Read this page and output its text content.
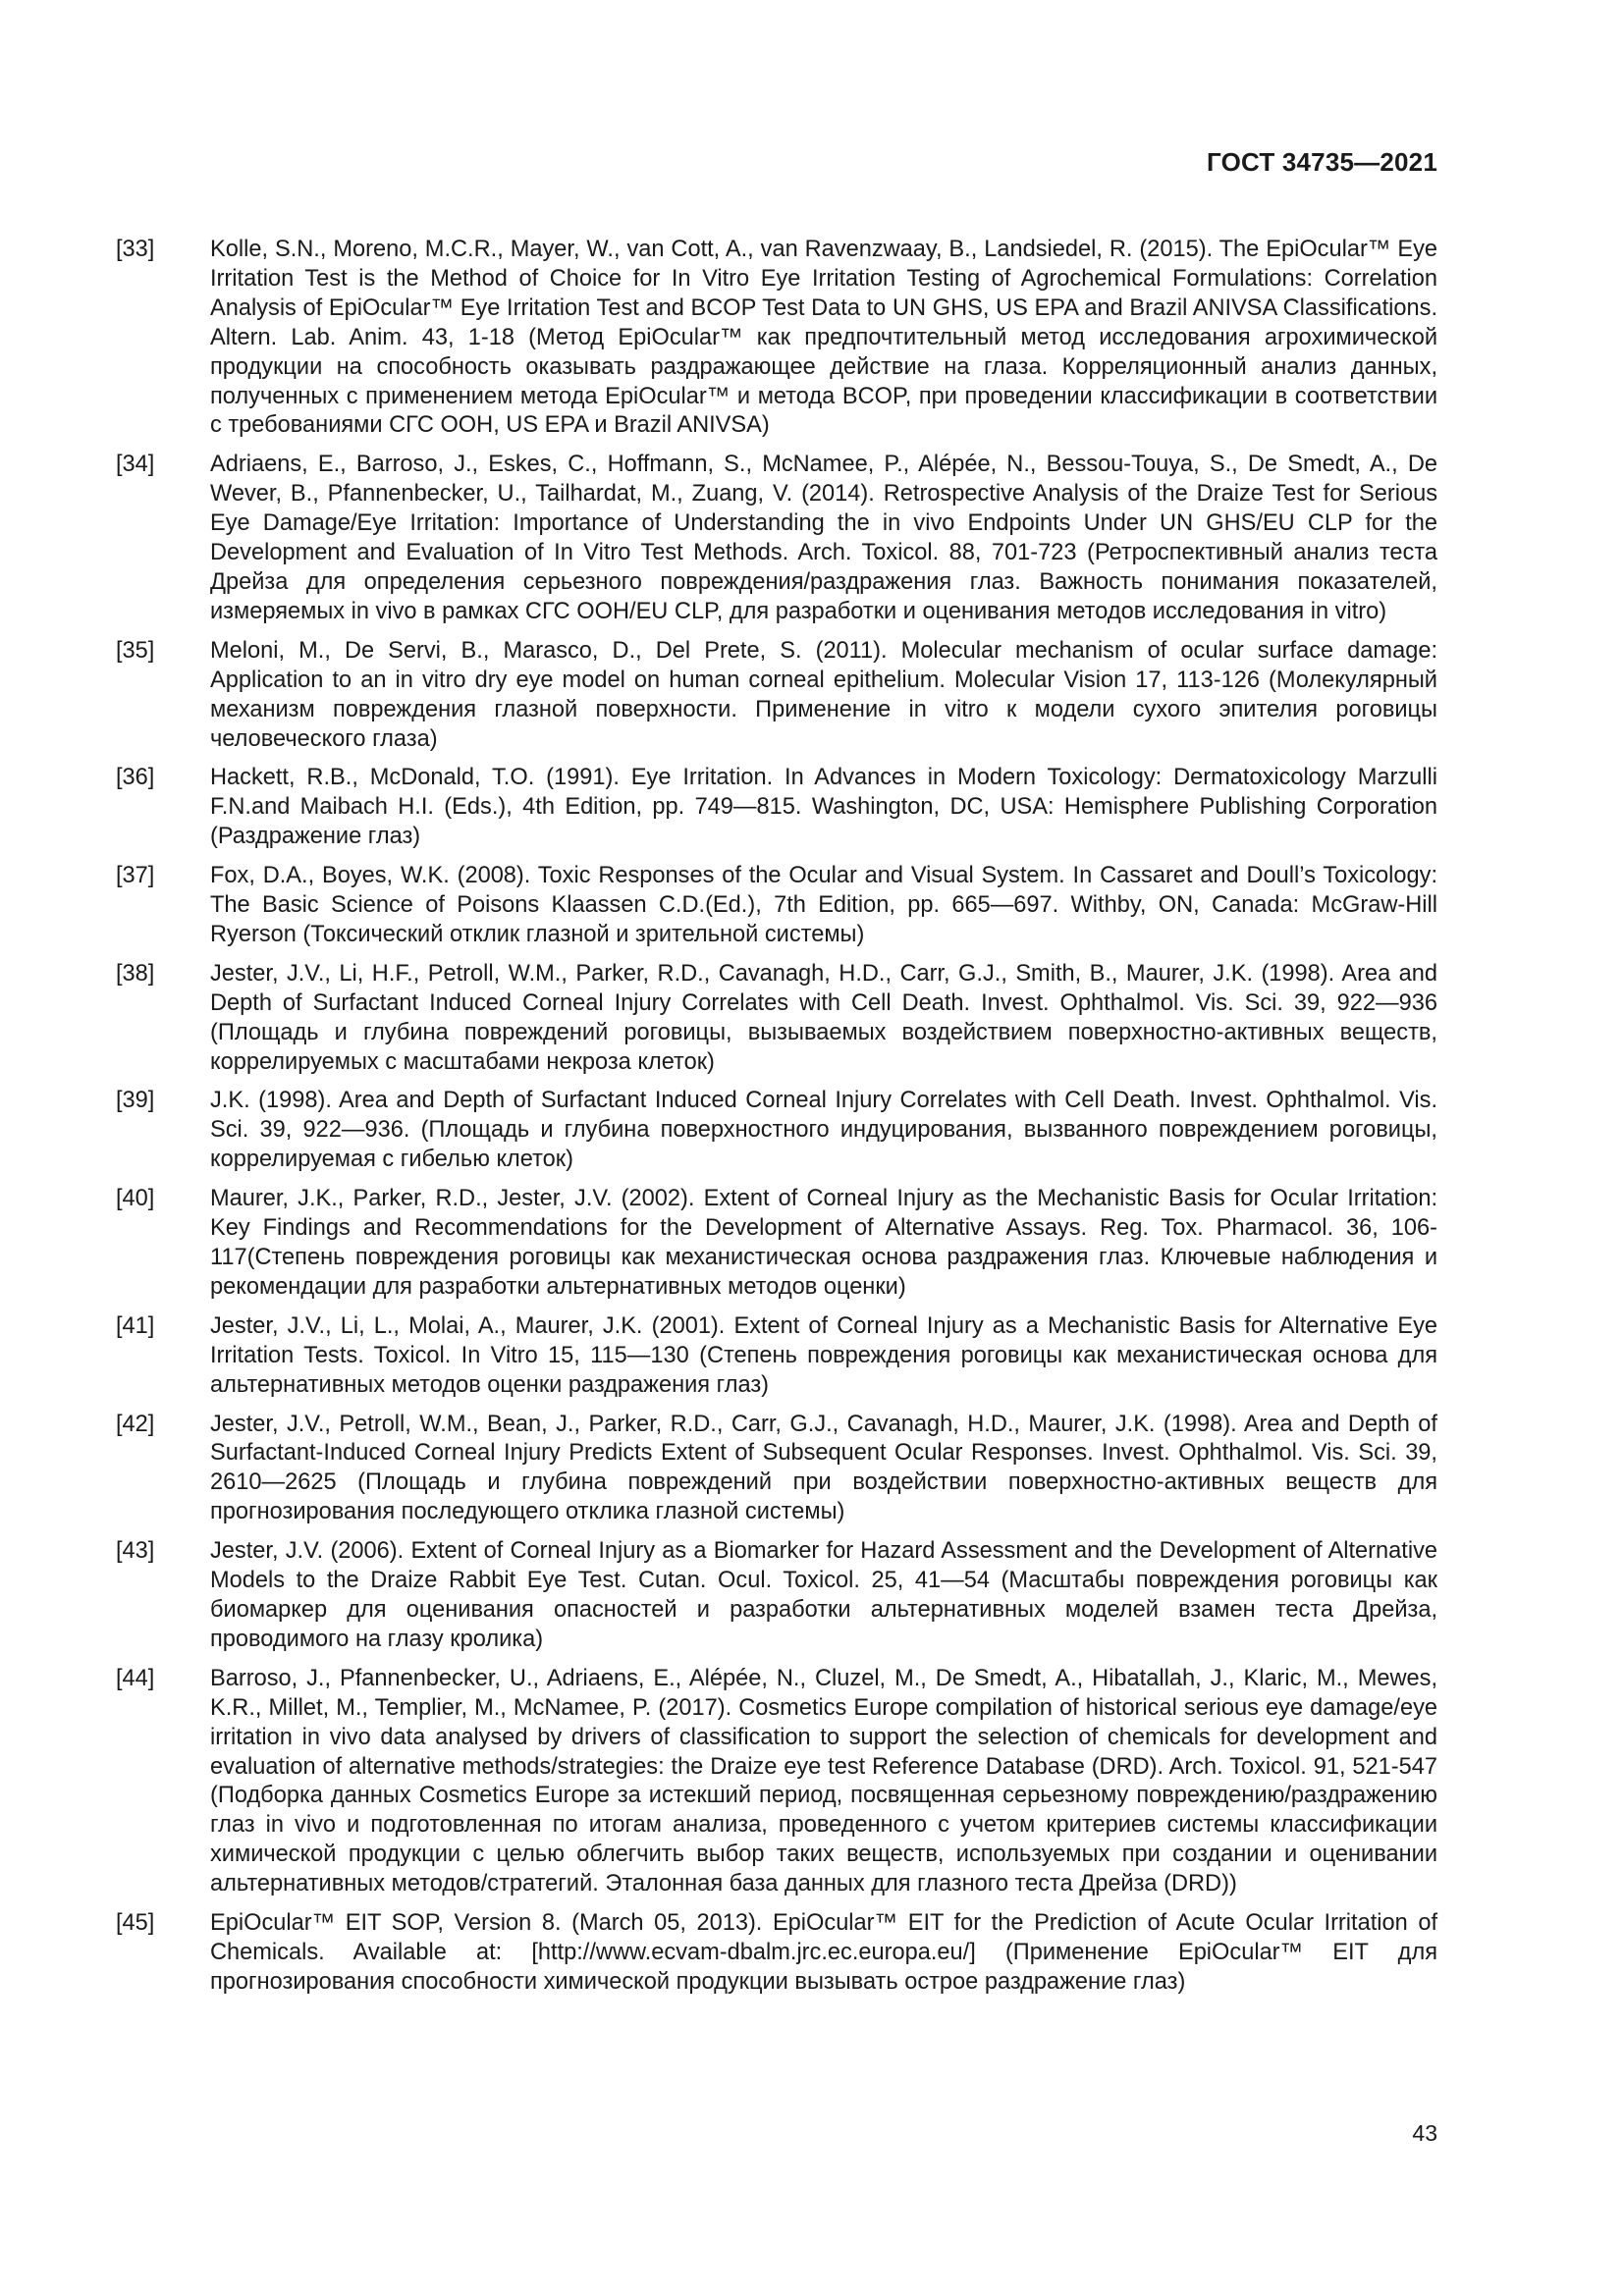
ГОСТ 34735—2021
[33]	Kolle, S.N., Moreno, M.C.R., Mayer, W., van Cott, A., van Ravenzwaay, B., Landsiedel, R. (2015). The EpiOcular™ Eye Irritation Test is the Method of Choice for In Vitro Eye Irritation Testing of Agrochemical Formulations: Correlation Analysis of EpiOcular™ Eye Irritation Test and BCOP Test Data to UN GHS, US EPA and Brazil ANIVSA Classifications. Altern. Lab. Anim. 43, 1-18 (Метод EpiOcular™ как предпочтительный метод исследования агрохимической продукции на способность оказывать раздражающее действие на глаза. Корреляционный анализ данных, полученных с применением метода EpiOcular™ и метода BCOP, при проведении классификации в соответствии с требованиями СГС ООН, US EPA и Brazil ANIVSA)
[34]	Adriaens, E., Barroso, J., Eskes, C., Hoffmann, S., McNamee, P., Alépée, N., Bessou-Touya, S., De Smedt, A., De Wever, B., Pfannenbecker, U., Tailhardat, M., Zuang, V. (2014). Retrospective Analysis of the Draize Test for Serious Eye Damage/Eye Irritation: Importance of Understanding the in vivo Endpoints Under UN GHS/EU CLP for the Development and Evaluation of In Vitro Test Methods. Arch. Toxicol. 88, 701-723 (Ретроспективный анализ теста Дрейза для определения серьезного повреждения/раздражения глаз. Важность понимания показателей, измеряемых in vivo в рамках СГС ООН/EU CLP, для разработки и оценивания методов исследования in vitro)
[35]	Meloni, M., De Servi, B., Marasco, D., Del Prete, S. (2011). Molecular mechanism of ocular surface damage: Application to an in vitro dry eye model on human corneal epithelium. Molecular Vision 17, 113-126 (Молекулярный механизм повреждения глазной поверхности. Применение in vitro к модели сухого эпителия роговицы человеческого глаза)
[36]	Hackett, R.B., McDonald, T.O. (1991). Eye Irritation. In Advances in Modern Toxicology: Dermatoxicology Marzulli F.N.and Maibach H.I. (Eds.), 4th Edition, pp. 749—815. Washington, DC, USA: Hemisphere Publishing Corporation (Раздражение глаз)
[37]	Fox, D.A., Boyes, W.K. (2008). Toxic Responses of the Ocular and Visual System. In Cassaret and Doull’s Toxicology: The Basic Science of Poisons Klaassen C.D.(Ed.), 7th Edition, pp. 665—697. Withby, ON, Canada: McGraw-Hill Ryerson (Токсический отклик глазной и зрительной системы)
[38]	Jester, J.V., Li, H.F., Petroll, W.M., Parker, R.D., Cavanagh, H.D., Carr, G.J., Smith, B., Maurer, J.K. (1998). Area and Depth of Surfactant Induced Corneal Injury Correlates with Cell Death. Invest. Ophthalmol. Vis. Sci. 39, 922—936 (Площадь и глубина повреждений роговицы, вызываемых воздействием поверхностно-активных веществ, коррелируемых с масштабами некроза клеток)
[39]	J.K. (1998). Area and Depth of Surfactant Induced Corneal Injury Correlates with Cell Death. Invest. Ophthalmol. Vis. Sci. 39, 922—936. (Площадь и глубина поверхностного индуцирования, вызванного повреждением роговицы, коррелируемая с гибелью клеток)
[40]	Maurer, J.K., Parker, R.D., Jester, J.V. (2002). Extent of Corneal Injury as the Mechanistic Basis for Ocular Irritation: Key Findings and Recommendations for the Development of Alternative Assays. Reg. Tox. Pharmacol. 36, 106-117(Степень повреждения роговицы как механистическая основа раздражения глаз. Ключевые наблюдения и рекомендации для разработки альтернативных методов оценки)
[41]	Jester, J.V., Li, L., Molai, A., Maurer, J.K. (2001). Extent of Corneal Injury as a Mechanistic Basis for Alternative Eye Irritation Tests. Toxicol. In Vitro 15, 115—130 (Степень повреждения роговицы как механистическая основа для альтернативных методов оценки раздражения глаз)
[42]	Jester, J.V., Petroll, W.M., Bean, J., Parker, R.D., Carr, G.J., Cavanagh, H.D., Maurer, J.K. (1998). Area and Depth of Surfactant-Induced Corneal Injury Predicts Extent of Subsequent Ocular Responses. Invest. Ophthalmol. Vis. Sci. 39, 2610—2625 (Площадь и глубина повреждений при воздействии поверхностно-активных веществ для прогнозирования последующего отклика глазной системы)
[43]	Jester, J.V. (2006). Extent of Corneal Injury as a Biomarker for Hazard Assessment and the Development of Alternative Models to the Draize Rabbit Eye Test. Cutan. Ocul. Toxicol. 25, 41—54 (Масштабы повреждения роговицы как биомаркер для оценивания опасностей и разработки альтернативных моделей взамен теста Дрейза, проводимого на глазу кролика)
[44]	Barroso, J., Pfannenbecker, U., Adriaens, E., Alépée, N., Cluzel, M., De Smedt, A., Hibatallah, J., Klaric, M., Mewes, K.R., Millet, M., Templier, M., McNamee, P. (2017). Cosmetics Europe compilation of historical serious eye damage/eye irritation in vivo data analysed by drivers of classification to support the selection of chemicals for development and evaluation of alternative methods/strategies: the Draize eye test Reference Database (DRD). Arch. Toxicol. 91, 521-547 (Подборка данных Cosmetics Europe за истекший период, посвященная серьезному повреждению/раздражению глаз in vivo и подготовленная по итогам анализа, проведенного с учетом критериев системы классификации химической продукции с целью облегчить выбор таких веществ, используемых при создании и оценивании альтернативных методов/стратегий. Эталонная база данных для глазного теста Дрейза (DRD))
[45]	EpiOcular™ EIT SOP, Version 8. (March 05, 2013). EpiOcular™ EIT for the Prediction of Acute Ocular Irritation of Chemicals. Available at: [http://www.ecvam-dbalm.jrc.ec.europa.eu/] (Применение EpiOcular™ EIT для прогнозирования способности химической продукции вызывать острое раздражение глаз)
43
